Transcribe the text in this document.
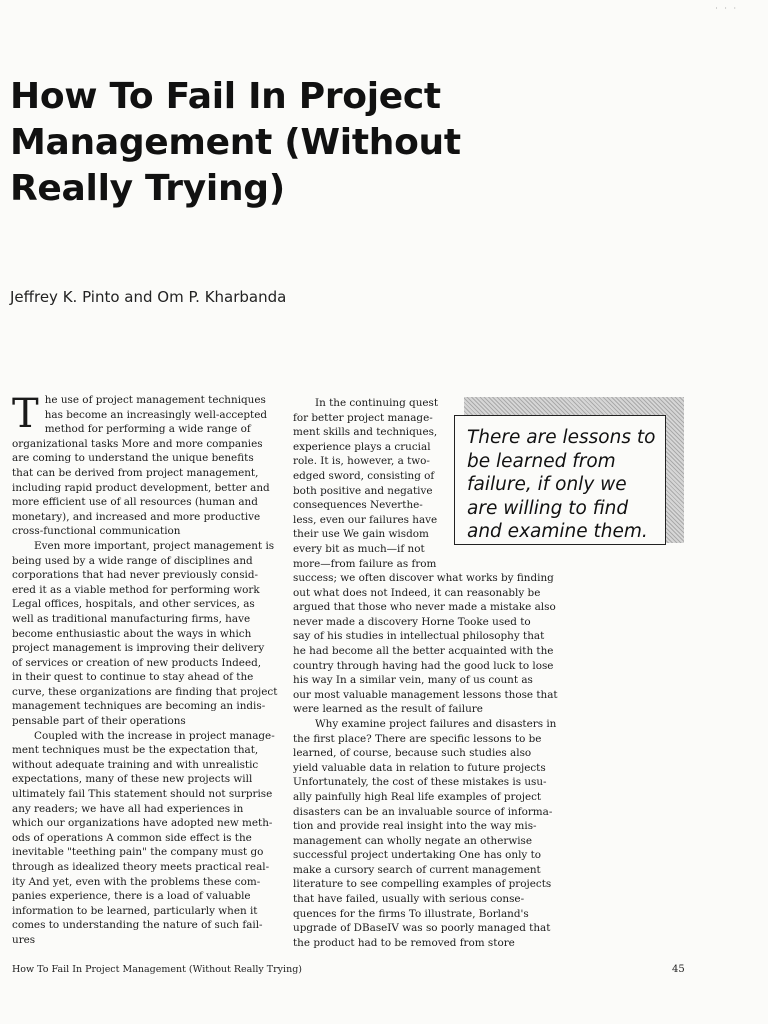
· · ·
How To Fail In Project
Management (Without
Really Trying)
Jeffrey K. Pinto and Om P. Kharbanda
T he use of project management techniques
has become an increasingly well-accepted
method for performing a wide range of
organizational tasks More and more companies
are coming to understand the unique benefits
that can be derived from project management,
including rapid product development, better and
more efficient use of all resources (human and
monetary), and increased and more productive
cross-functional communication
Even more important, project management is
being used by a wide range of disciplines and
corporations that had never previously consid-
ered it as a viable method for performing work
Legal offices, hospitals, and other services, as
well as traditional manufacturing firms, have
become enthusiastic about the ways in which
project management is improving their delivery
of services or creation of new products Indeed,
in their quest to continue to stay ahead of the
curve, these organizations are finding that project
management techniques are becoming an indis-
pensable part of their operations
Coupled with the increase in project manage-
ment techniques must be the expectation that,
without adequate training and with unrealistic
expectations, many of these new projects will
ultimately fail This statement should not surprise
any readers; we have all had experiences in
which our organizations have adopted new meth-
ods of operations A common side effect is the
inevitable "teething pain" the company must go
through as idealized theory meets practical real-
ity And yet, even with the problems these com-
panies experience, there is a load of valuable
information to be learned, particularly when it
comes to understanding the nature of such fail-
ures
In the continuing quest
for better project manage-
ment skills and techniques,
experience plays a crucial
role. It is, however, a two-
edged sword, consisting of
both positive and negative
consequences Neverthe-
less, even our failures have
their use We gain wisdom
every bit as much—if not
more—from failure as from
There are lessons to
be learned from
failure, if only we
are willing to find
and examine them.
success; we often discover what works by finding
out what does not Indeed, it can reasonably be
argued that those who never made a mistake also
never made a discovery Horne Tooke used to
say of his studies in intellectual philosophy that
he had become all the better acquainted with the
country through having had the good luck to lose
his way In a similar vein, many of us count as
our most valuable management lessons those that
were learned as the result of failure
Why examine project failures and disasters in
the first place? There are specific lessons to be
learned, of course, because such studies also
yield valuable data in relation to future projects
Unfortunately, the cost of these mistakes is usu-
ally painfully high Real life examples of project
disasters can be an invaluable source of informa-
tion and provide real insight into the way mis-
management can wholly negate an otherwise
successful project undertaking One has only to
make a cursory search of current management
literature to see compelling examples of projects
that have failed, usually with serious conse-
quences for the firms To illustrate, Borland's
upgrade of DBaseIV was so poorly managed that
the product had to be removed from store
How To Fail In Project Management (Without Really Trying)	45
